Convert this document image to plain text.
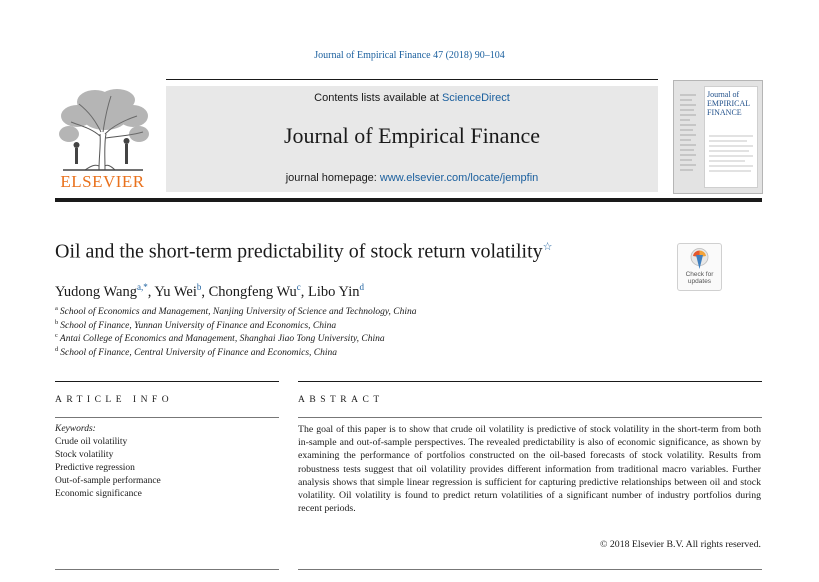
Journal of Empirical Finance 47 (2018) 90–104
ELSEVIER
Contents lists available at ScienceDirect
Journal of Empirical Finance
journal homepage: www.elsevier.com/locate/jempfin
Journal of EMPIRICAL FINANCE
Oil and the short-term predictability of stock return volatility☆
Check for updates
Yudong Wang$^{a,*}$, Yu Wei$^b$, Chongfeng Wu$^c$, Libo Yin$^d$
$^a$ School of Economics and Management, Nanjing University of Science and Technology, China
$^b$ School of Finance, Yunnan University of Finance and Economics, China
$^c$ Antai College of Economics and Management, Shanghai Jiao Tong University, China
$^d$ School of Finance, Central University of Finance and Economics, China
ARTICLE INFO	ABSTRACT
Keywords:
Crude oil volatility
Stock volatility
Predictive regression
Out-of-sample performance
Economic significance
The goal of this paper is to show that crude oil volatility is predictive of stock volatility in the short-term from both in-sample and out-of-sample perspectives. The revealed predictability is also of economic significance, as shown by examining the performance of portfolios constructed on the oil-based forecasts of stock volatility. Results from robustness tests suggest that oil volatility provides different information from traditional macro variables. Further analysis shows that simple linear regression is sufficient for capturing predictive relationships between oil and stock volatility. Oil volatility is found to predict return volatilities of a significant number of industry portfolios during recent periods.
© 2018 Elsevier B.V. All rights reserved.
